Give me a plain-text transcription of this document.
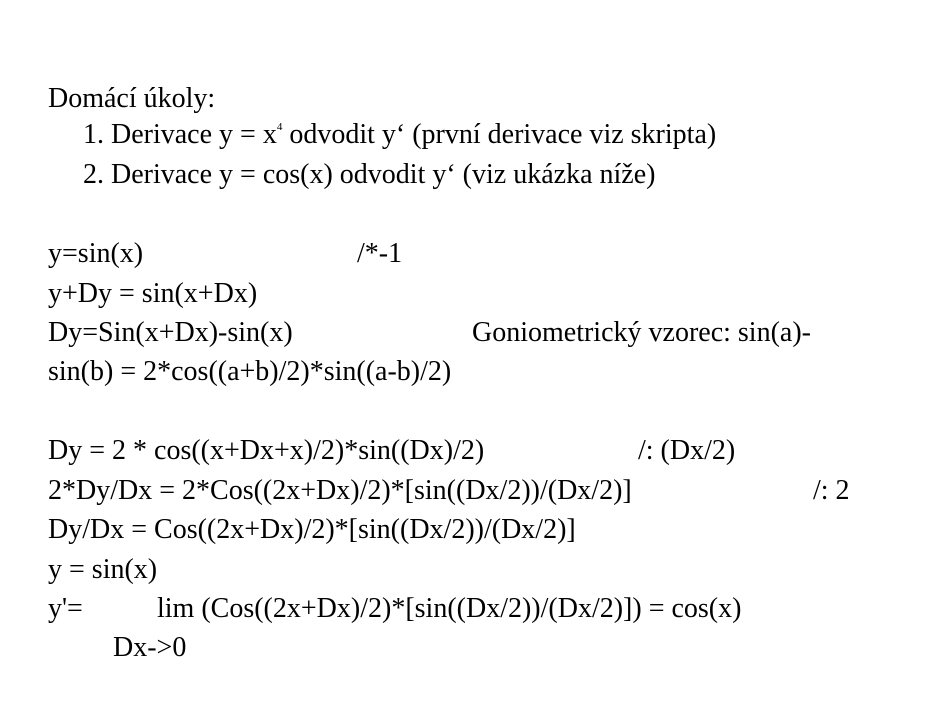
Domácí úkoly:
1. Derivace $y = x^4$ odvodit y‘ (první derivace viz skripta)
2. Derivace y = cos(x) odvodit y‘ (viz ukázka níže)
y=sin(x)	/*-1
y+Dy = sin(x+Dx)
Dy=Sin(x+Dx)-sin(x)	Goniometrický vzorec: sin(a)-
sin(b) = 2*cos((a+b)/2)*sin((a-b)/2)
Dy = 2 * cos((x+Dx+x)/2)*sin((Dx)/2)	/: (Dx/2)
2*Dy/Dx = 2*Cos((2x+Dx)/2)*[sin((Dx/2))/(Dx/2)]	/: 2
Dy/Dx = Cos((2x+Dx)/2)*[sin((Dx/2))/(Dx/2)]
y = sin(x)
y'=	lim (Cos((2x+Dx)/2)*[sin((Dx/2))/(Dx/2)]) = cos(x)
Dx->0
